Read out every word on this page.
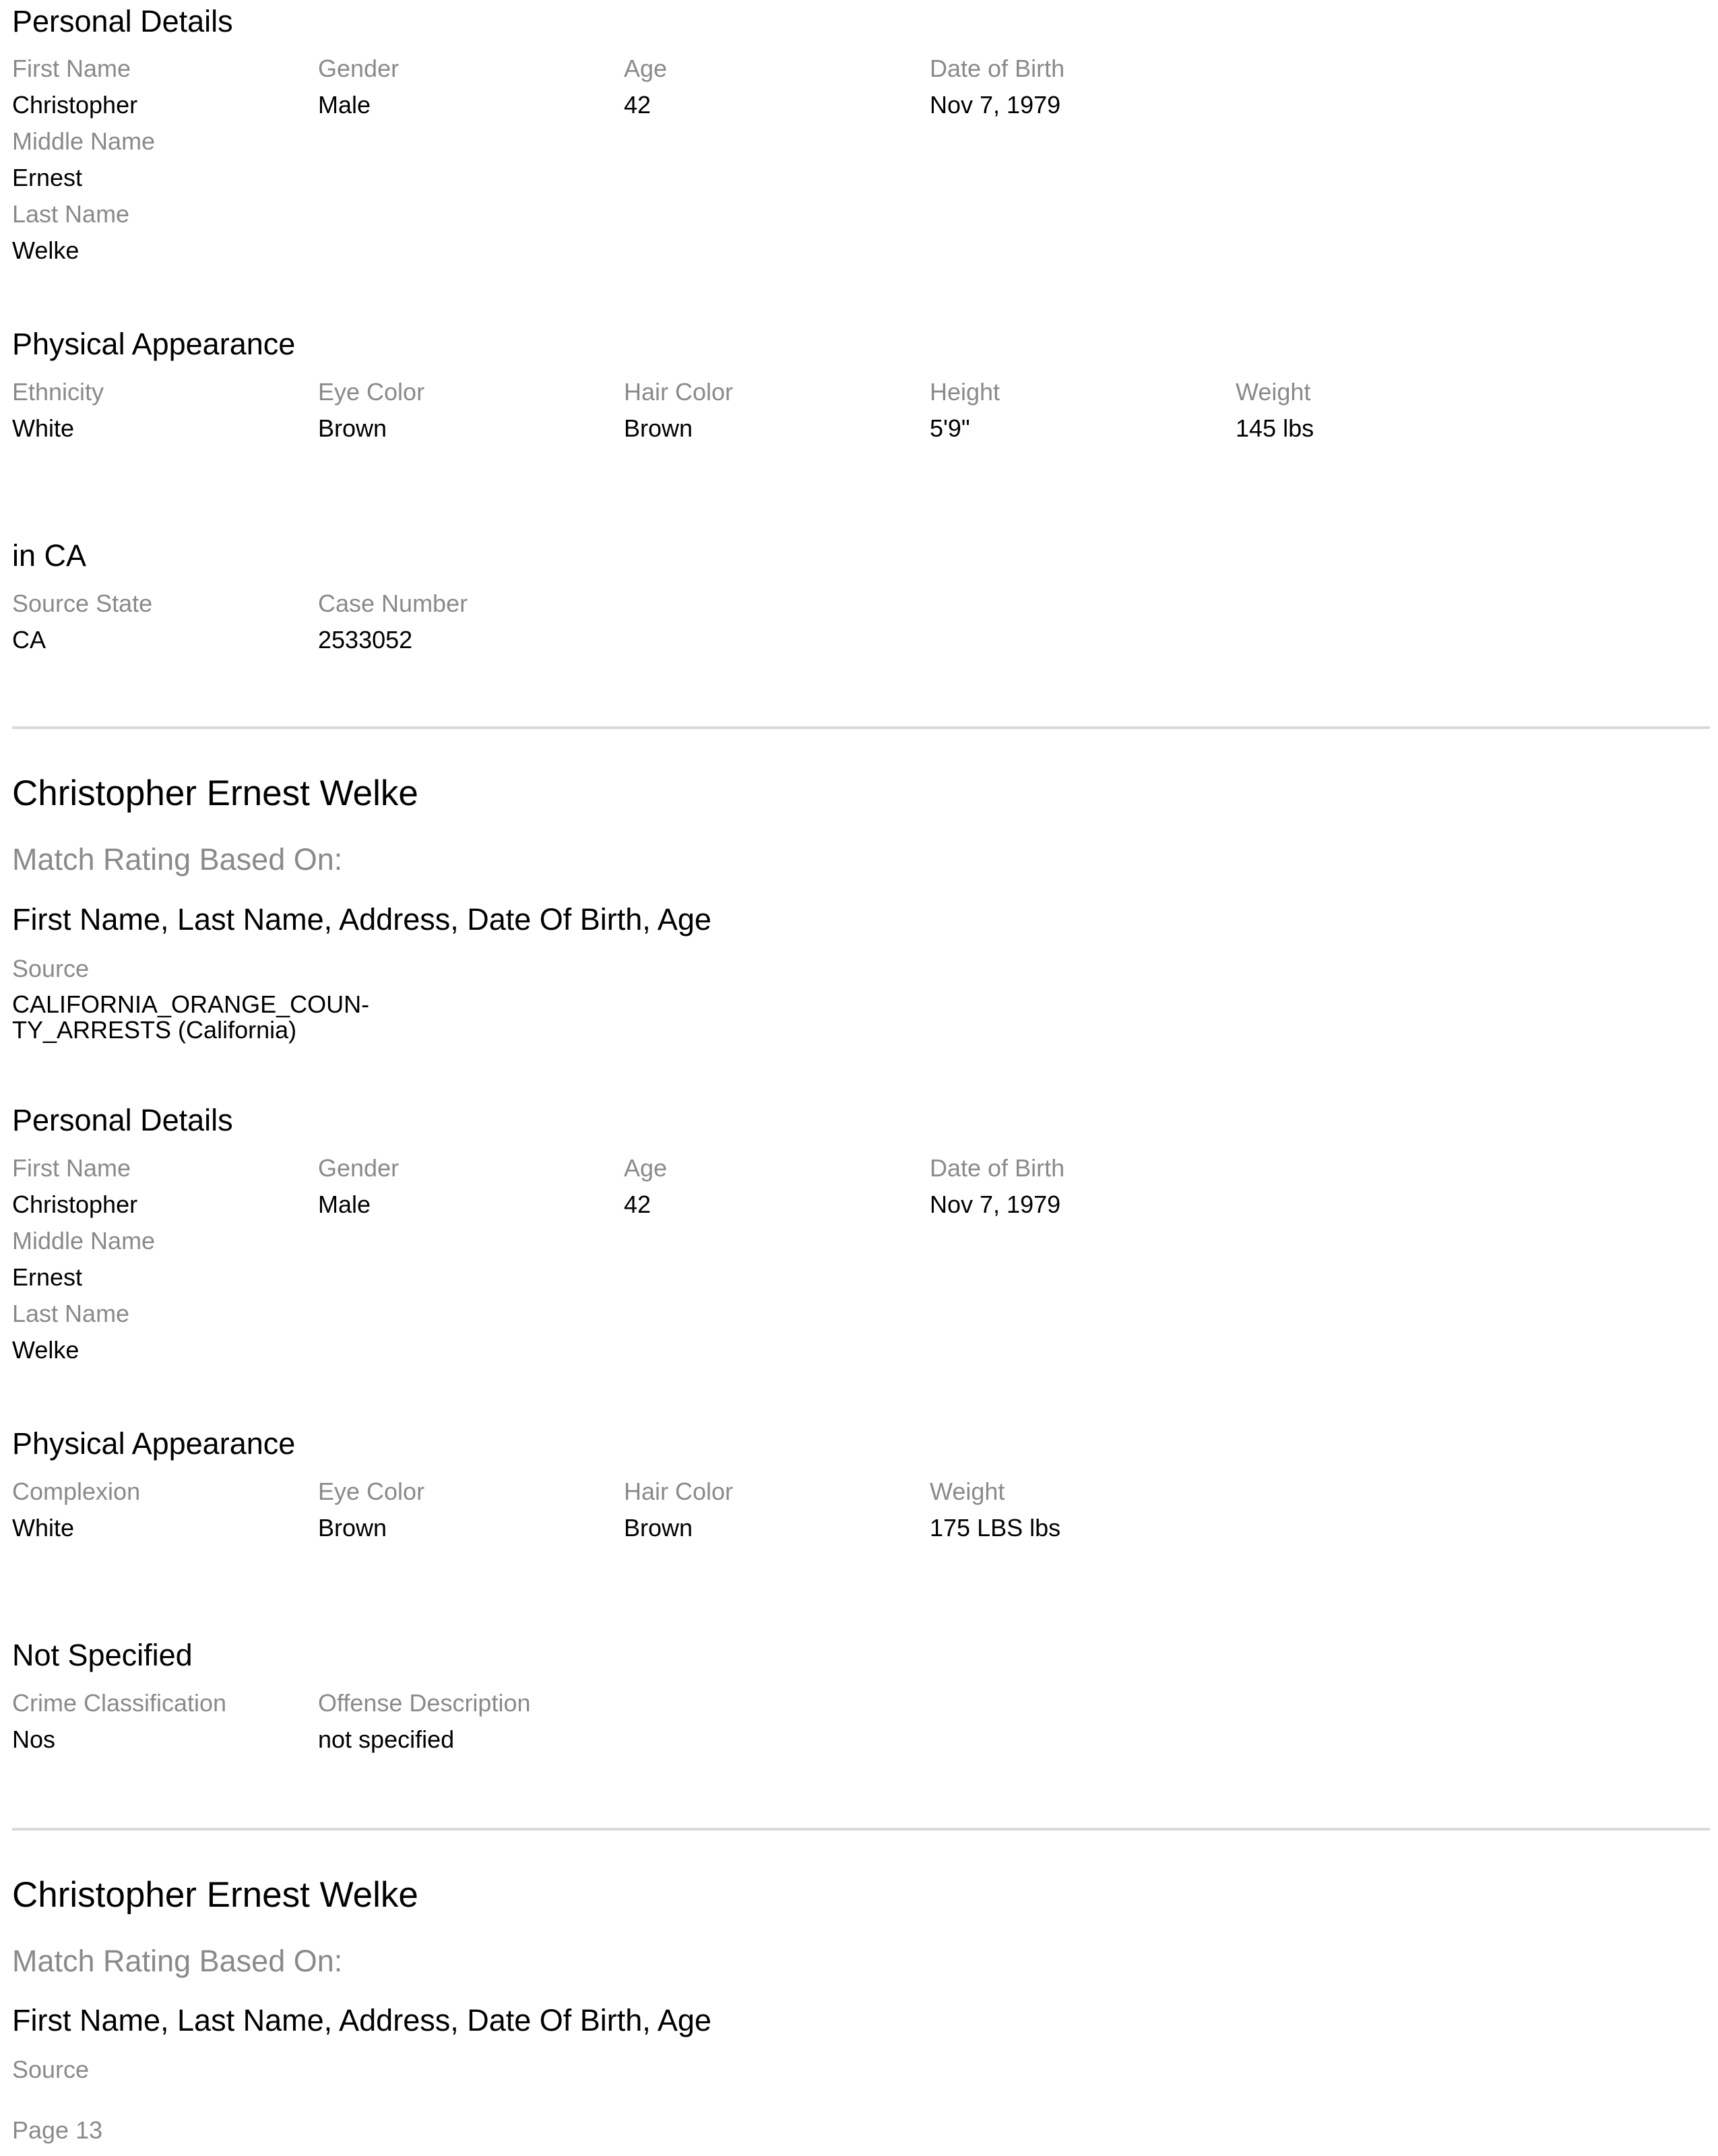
Personal Details
First Name	Gender	Age	Date of Birth
Christopher	Male	42	Nov 7, 1979
Middle Name
Ernest
Last Name
Welke
Physical Appearance
Ethnicity	Eye Color	Hair Color	Height	Weight
White	Brown	Brown	5'9"	145 lbs
in CA
Source State	Case Number
CA	2533052
Christopher Ernest Welke
Match Rating Based On:
First Name, Last Name, Address, Date Of Birth, Age
Source
CALIFORNIA_ORANGE_COUN-
TY_ARRESTS (California)
Personal Details
First Name	Gender	Age	Date of Birth
Christopher	Male	42	Nov 7, 1979
Middle Name
Ernest
Last Name
Welke
Physical Appearance
Complexion	Eye Color	Hair Color	Weight
White	Brown	Brown	175 LBS lbs
Not Specified
Crime Classification	Offense Description
Nos	not specified
Christopher Ernest Welke
Match Rating Based On:
First Name, Last Name, Address, Date Of Birth, Age
Source
Page 13
